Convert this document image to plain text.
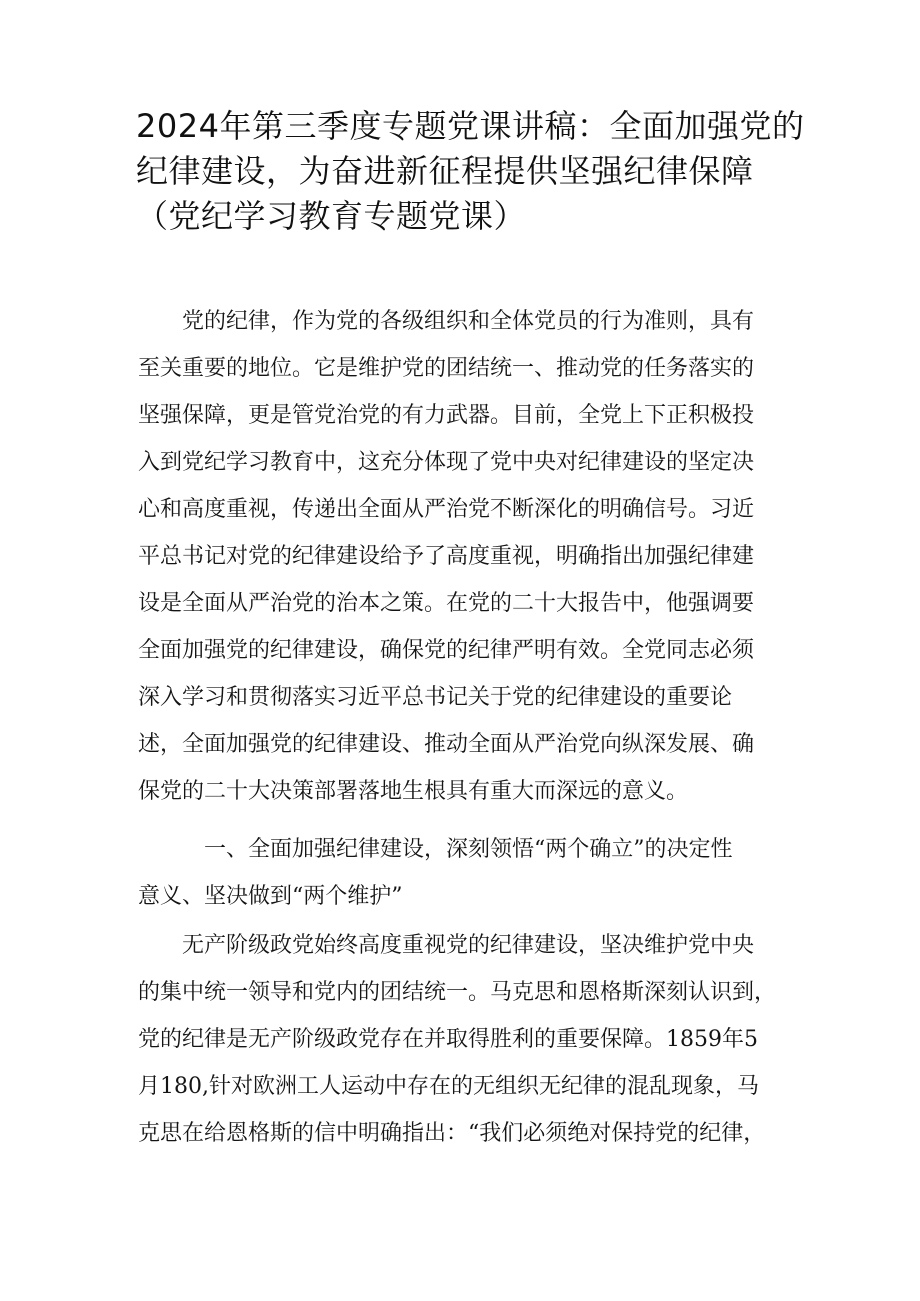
2024年第三季度专题党课讲稿：全面加强党的
纪律建设，为奋进新征程提供坚强纪律保障
（党纪学习教育专题党课）
　　党的纪律，作为党的各级组织和全体党员的行为准则，具有
至关重要的地位。它是维护党的团结统一、推动党的任务落实的
坚强保障，更是管党治党的有力武器。目前，全党上下正积极投
入到党纪学习教育中，这充分体现了党中央对纪律建设的坚定决
心和高度重视，传递出全面从严治党不断深化的明确信号。习近
平总书记对党的纪律建设给予了高度重视，明确指出加强纪律建
设是全面从严治党的治本之策。在党的二十大报告中，他强调要
全面加强党的纪律建设，确保党的纪律严明有效。全党同志必须
深入学习和贯彻落实习近平总书记关于党的纪律建设的重要论
述，全面加强党的纪律建设、推动全面从严治党向纵深发展、确
保党的二十大决策部署落地生根具有重大而深远的意义。
　　　一、全面加强纪律建设，深刻领悟“两个确立”的决定性
意义、坚决做到“两个维护”
　　无产阶级政党始终高度重视党的纪律建设，坚决维护党中央
的集中统一领导和党内的团结统一。马克思和恩格斯深刻认识到，
党的纪律是无产阶级政党存在并取得胜利的重要保障。1859年5
月180,针对欧洲工人运动中存在的无组织无纪律的混乱现象，马
克思在给恩格斯的信中明确指出：“我们必须绝对保持党的纪律，
